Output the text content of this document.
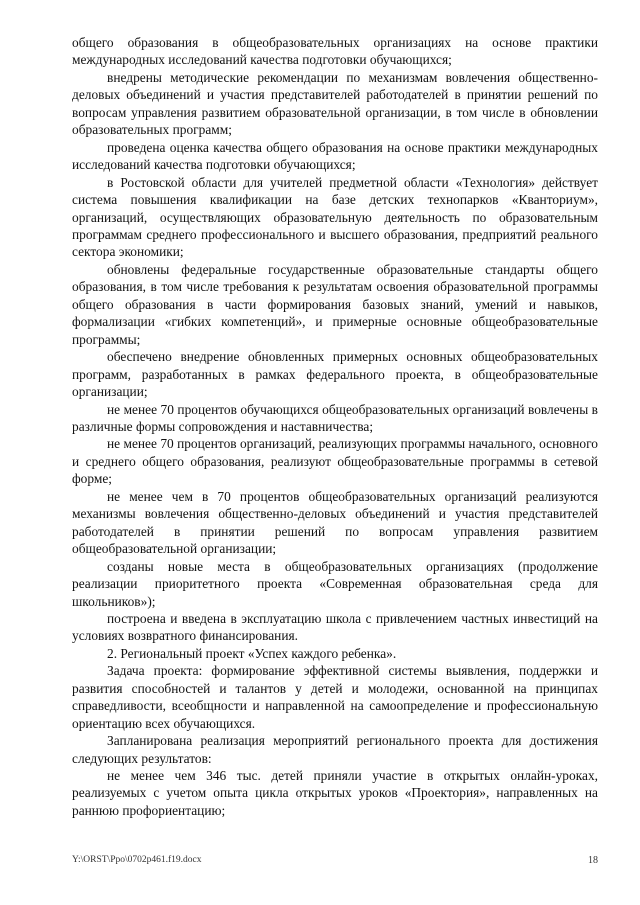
общего образования в общеобразовательных организациях на основе практики международных исследований качества подготовки обучающихся;

внедрены методические рекомендации по механизмам вовлечения общественно-деловых объединений и участия представителей работодателей в принятии решений по вопросам управления развитием образовательной организации, в том числе в обновлении образовательных программ;

проведена оценка качества общего образования на основе практики международных исследований качества подготовки обучающихся;

в Ростовской области для учителей предметной области «Технология» действует система повышения квалификации на базе детских технопарков «Кванториум», организаций, осуществляющих образовательную деятельность по образовательным программам среднего профессионального и высшего образования, предприятий реального сектора экономики;

обновлены федеральные государственные образовательные стандарты общего образования, в том числе требования к результатам освоения образовательной программы общего образования в части формирования базовых знаний, умений и навыков, формализации «гибких компетенций», и примерные основные общеобразовательные программы;

обеспечено внедрение обновленных примерных основных общеобразовательных программ, разработанных в рамках федерального проекта, в общеобразовательные организации;

не менее 70 процентов обучающихся общеобразовательных организаций вовлечены в различные формы сопровождения и наставничества;

не менее 70 процентов организаций, реализующих программы начального, основного и среднего общего образования, реализуют общеобразовательные программы в сетевой форме;

не менее чем в 70 процентов общеобразовательных организаций реализуются механизмы вовлечения общественно-деловых объединений и участия представителей работодателей в принятии решений по вопросам управления развитием общеобразовательной организации;

созданы новые места в общеобразовательных организациях (продолжение реализации приоритетного проекта «Современная образовательная среда для школьников»);

построена и введена в эксплуатацию школа с привлечением частных инвестиций на условиях возвратного финансирования.

2. Региональный проект «Успех каждого ребенка».

Задача проекта: формирование эффективной системы выявления, поддержки и развития способностей и талантов у детей и молодежи, основанной на принципах справедливости, всеобщности и направленной на самоопределение и профессиональную ориентацию всех обучающихся.

Запланирована реализация мероприятий регионального проекта для достижения следующих результатов:

не менее чем 346 тыс. детей приняли участие в открытых онлайн-уроках, реализуемых с учетом опыта цикла открытых уроков «Проектория», направленных на раннюю профориентацию;

Y:\ORST\Ppo\0702p461.f19.docx	18
